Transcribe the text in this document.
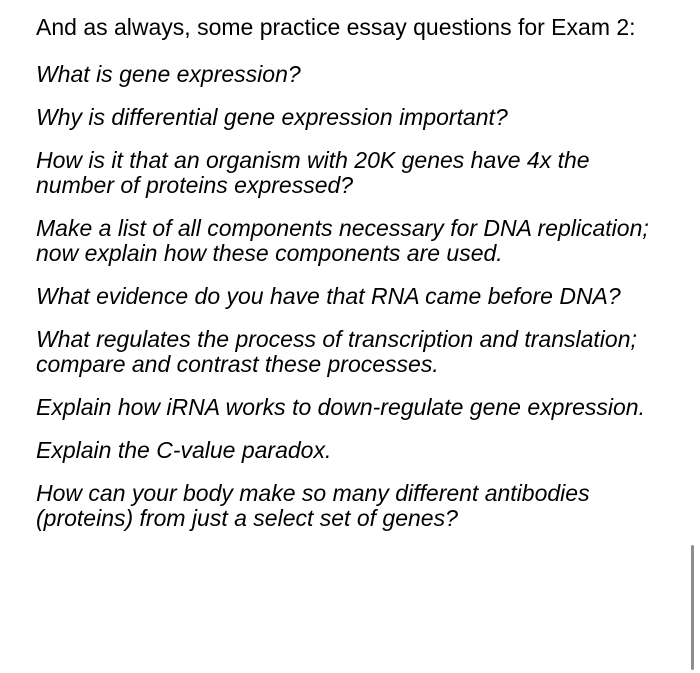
And as always, some practice essay questions for Exam 2:

What is gene expression?

Why is differential gene expression important?

How is it that an organism with 20K genes have 4x the number of proteins expressed?

Make a list of all components necessary for DNA replication; now explain how these components are used.

What evidence do you have that RNA came before DNA?

What regulates the process of transcription and translation; compare and contrast these processes.

Explain how iRNA works to down-regulate gene expression.

Explain the C-value paradox.

How can your body make so many different antibodies (proteins) from just a select set of genes?
